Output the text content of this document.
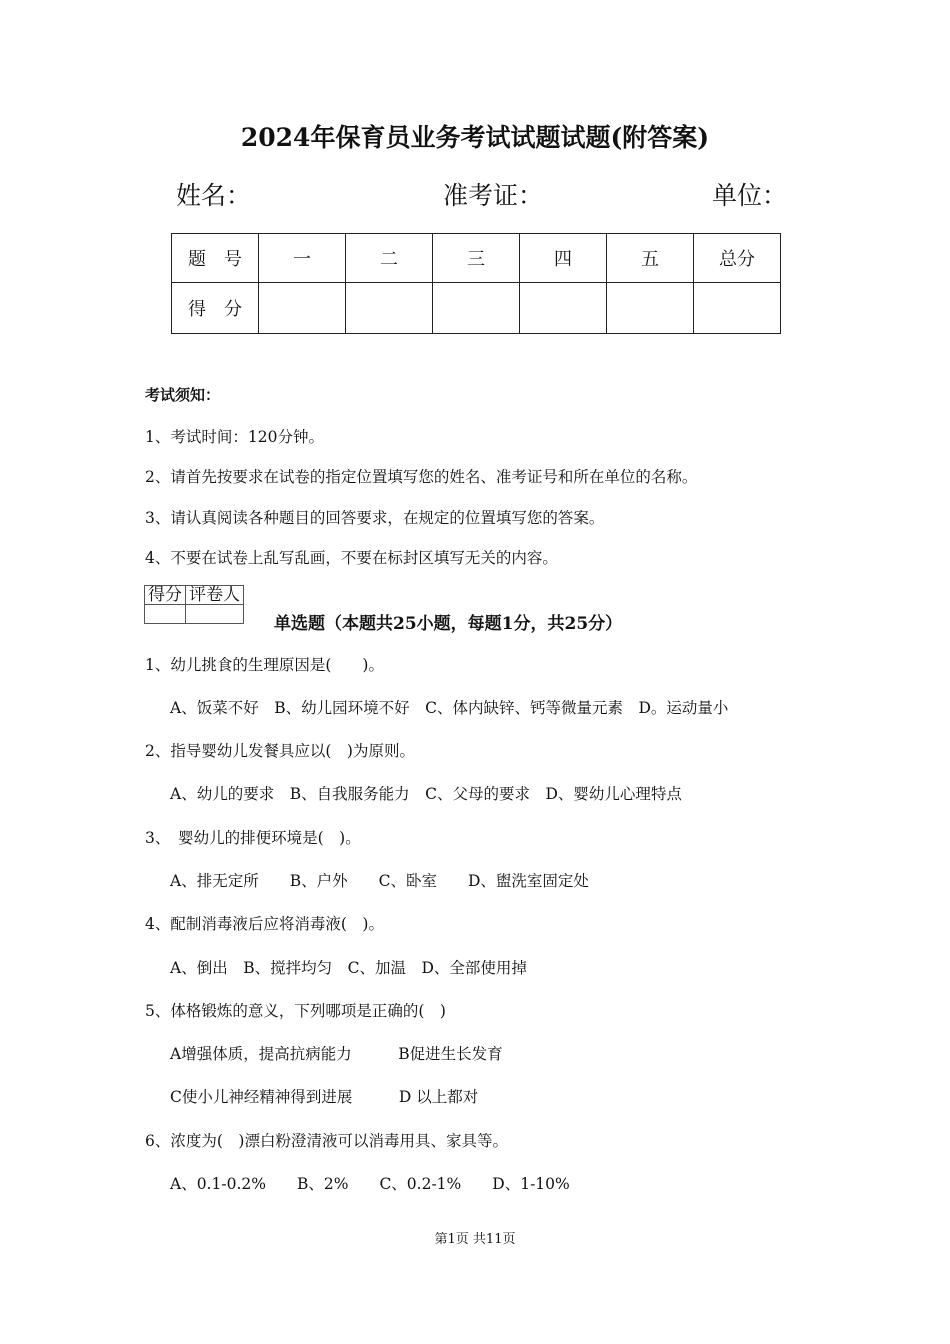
2024年保育员业务考试试题试题(附答案)
姓名：	准考证：	单位：
题　号	一	二	三	四	五	总分
得　分						
考试须知：
1、考试时间：120分钟。
2、请首先按要求在试卷的指定位置填写您的姓名、准考证号和所在单位的名称。
3、请认真阅读各种题目的回答要求，在规定的位置填写您的答案。
4、不要在试卷上乱写乱画，不要在标封区填写无关的内容。
得分	评卷人

单选题（本题共25小题，每题1分，共25分）
1、幼儿挑食的生理原因是(　　)。
A、饭菜不好　B、幼儿园环境不好　C、体内缺锌、钙等微量元素　D。运动量小
2、指导婴幼儿发餐具应以(　)为原则。
A、幼儿的要求　B、自我服务能力　C、父母的要求　D、婴幼儿心理特点
3、　婴幼儿的排便环境是(　)。
A、排无定所　　B、户外　　C、卧室　　D、盥洗室固定处
4、配制消毒液后应将消毒液(　)。
A、倒出　B、搅拌均匀　C、加温　D、全部使用掉
5、体格锻炼的意义，下列哪项是正确的(　)
A增强体质，提高抗病能力　　　B促进生长发育
C使小儿神经精神得到进展　　　D 以上都对
6、浓度为(　)漂白粉澄清液可以消毒用具、家具等。
A、0.1-0.2%　　B、2%　　C、0.2-1%　　D、1-10%
第1页 共11页
